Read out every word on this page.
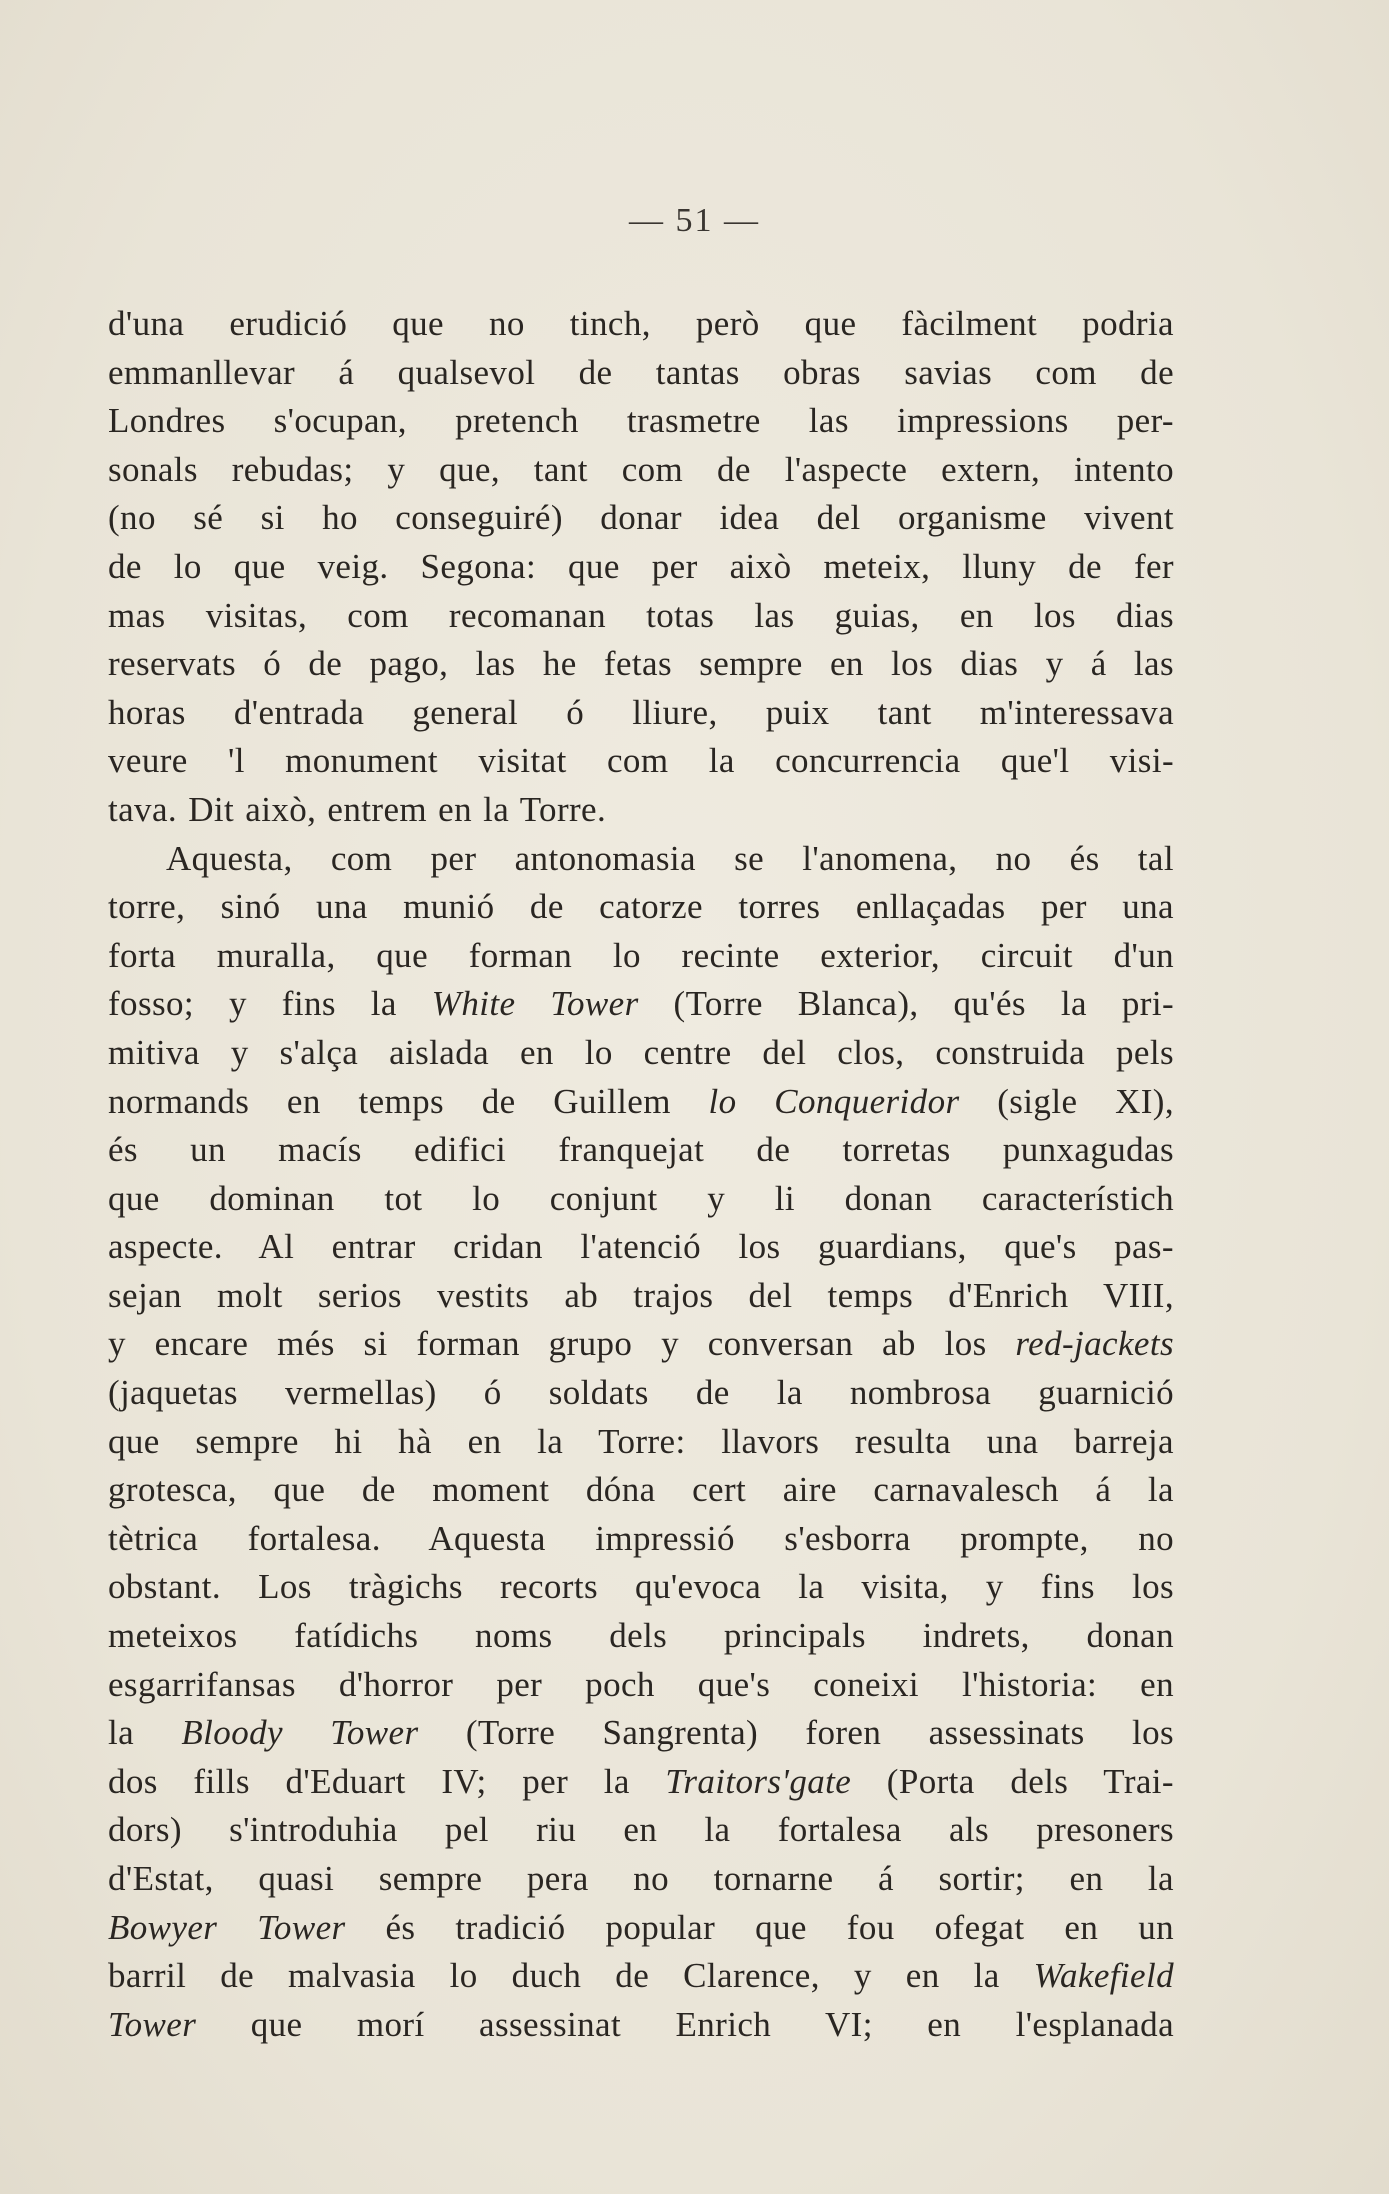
— 51 —
d'una erudició que no tinch, però que fàcilment podria
emmanllevar á qualsevol de tantas obras savias com de
Londres s'ocupan, pretench trasmetre las impressions per-
sonals rebudas; y que, tant com de l'aspecte extern, intento
(no sé si ho conseguiré) donar idea del organisme vivent
de lo que veig. Segona: que per això meteix, lluny de fer
mas visitas, com recomanan totas las guias, en los dias
reservats ó de pago, las he fetas sempre en los dias y á las
horas d'entrada general ó lliure, puix tant m'interessava
veure 'l monument visitat com la concurrencia que'l visi-
tava. Dit això, entrem en la Torre.
Aquesta, com per antonomasia se l'anomena, no és tal
torre, sinó una munió de catorze torres enllaçadas per una
forta muralla, que forman lo recinte exterior, circuit d'un
fosso; y fins la White Tower (Torre Blanca), qu'és la pri-
mitiva y s'alça aislada en lo centre del clos, construida pels
normands en temps de Guillem lo Conqueridor (sigle XI),
és un macís edifici franquejat de torretas punxagudas
que dominan tot lo conjunt y li donan característich
aspecte. Al entrar cridan l'atenció los guardians, que's pas-
sejan molt serios vestits ab trajos del temps d'Enrich VIII,
y encare més si forman grupo y conversan ab los red-jackets
(jaquetas vermellas) ó soldats de la nombrosa guarnició
que sempre hi hà en la Torre: llavors resulta una barreja
grotesca, que de moment dóna cert aire carnavalesch á la
tètrica fortalesa. Aquesta impressió s'esborra prompte, no
obstant. Los tràgichs recorts qu'evoca la visita, y fins los
meteixos fatídichs noms dels principals indrets, donan
esgarrifansas d'horror per poch que's coneixi l'historia: en
la Bloody Tower (Torre Sangrenta) foren assessinats los
dos fills d'Eduart IV; per la Traitors'gate (Porta dels Trai-
dors) s'introduhia pel riu en la fortalesa als presoners
d'Estat, quasi sempre pera no tornarne á sortir; en la
Bowyer Tower és tradició popular que fou ofegat en un
barril de malvasia lo duch de Clarence, y en la Wakefield
Tower que morí assessinat Enrich VI; en l'esplanada
